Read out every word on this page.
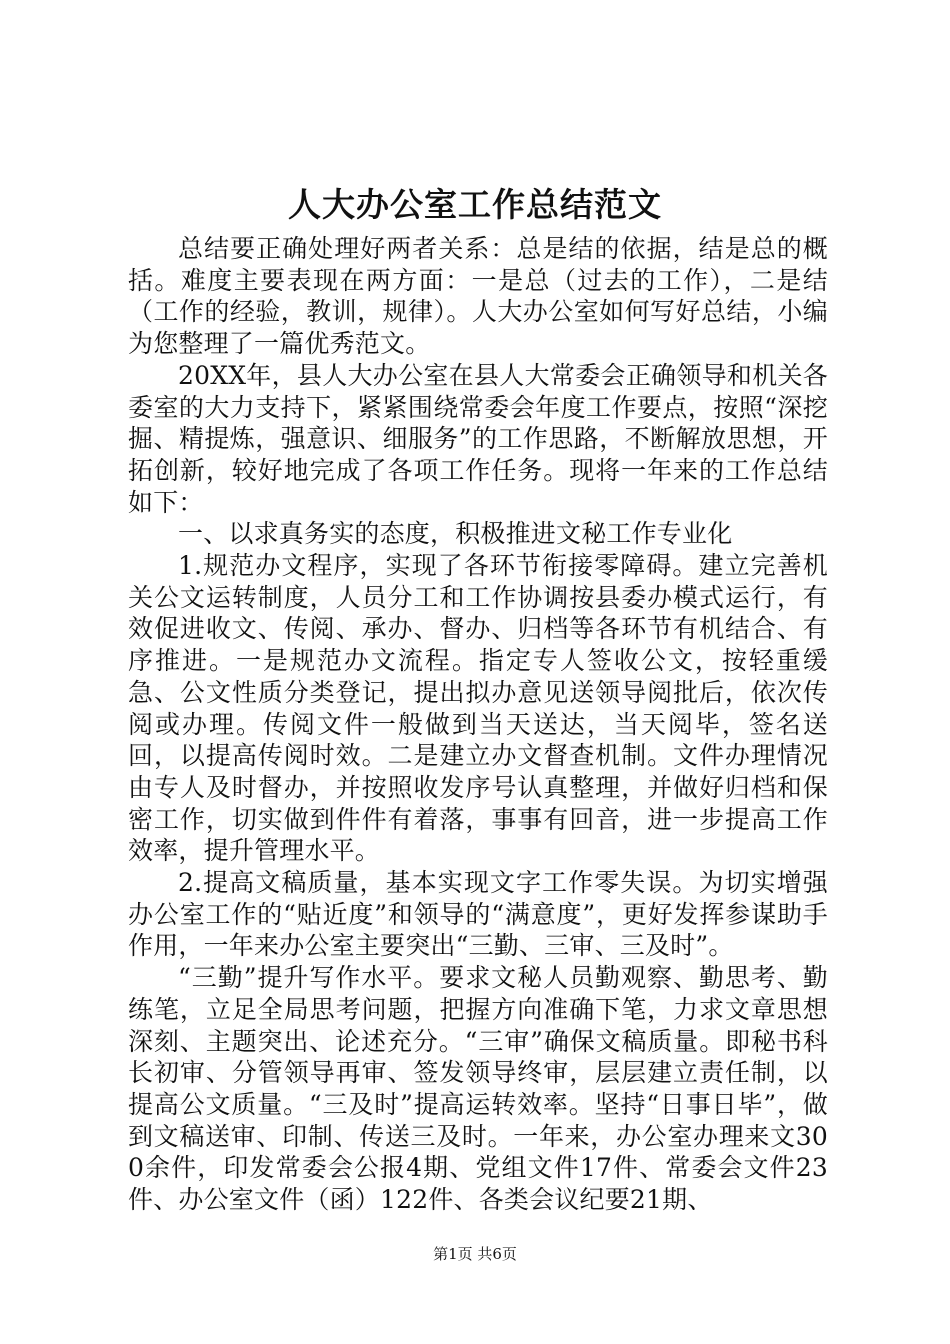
人大办公室工作总结范文

总结要正确处理好两者关系：总是结的依据，结是总的概括。难度主要表现在两方面：一是总（过去的工作），二是结（工作的经验，教训，规律）。人大办公室如何写好总结，小编为您整理了一篇优秀范文。

20XX年，县人大办公室在县人大常委会正确领导和机关各委室的大力支持下，紧紧围绕常委会年度工作要点，按照“深挖掘、精提炼，强意识、细服务”的工作思路，不断解放思想，开拓创新，较好地完成了各项工作任务。现将一年来的工作总结如下：

一、以求真务实的态度，积极推进文秘工作专业化

1.规范办文程序，实现了各环节衔接零障碍。建立完善机关公文运转制度，人员分工和工作协调按县委办模式运行，有效促进收文、传阅、承办、督办、归档等各环节有机结合、有序推进。一是规范办文流程。指定专人签收公文，按轻重缓急、公文性质分类登记，提出拟办意见送领导阅批后，依次传阅或办理。传阅文件一般做到当天送达，当天阅毕，签名送回，以提高传阅时效。二是建立办文督查机制。文件办理情况由专人及时督办，并按照收发序号认真整理，并做好归档和保密工作，切实做到件件有着落，事事有回音，进一步提高工作效率，提升管理水平。

2.提高文稿质量，基本实现文字工作零失误。为切实增强办公室工作的“贴近度”和领导的“满意度”，更好发挥参谋助手作用，一年来办公室主要突出“三勤、三审、三及时”。

“三勤”提升写作水平。要求文秘人员勤观察、勤思考、勤练笔，立足全局思考问题，把握方向准确下笔，力求文章思想深刻、主题突出、论述充分。“三审”确保文稿质量。即秘书科长初审、分管领导再审、签发领导终审，层层建立责任制，以提高公文质量。“三及时”提高运转效率。坚持“日事日毕”，做到文稿送审、印制、传送三及时。一年来，办公室办理来文300余件，印发常委会公报4期、党组文件17件、常委会文件23件、办公室文件（函）122件、各类会议纪要21期、

第1页 共6页
